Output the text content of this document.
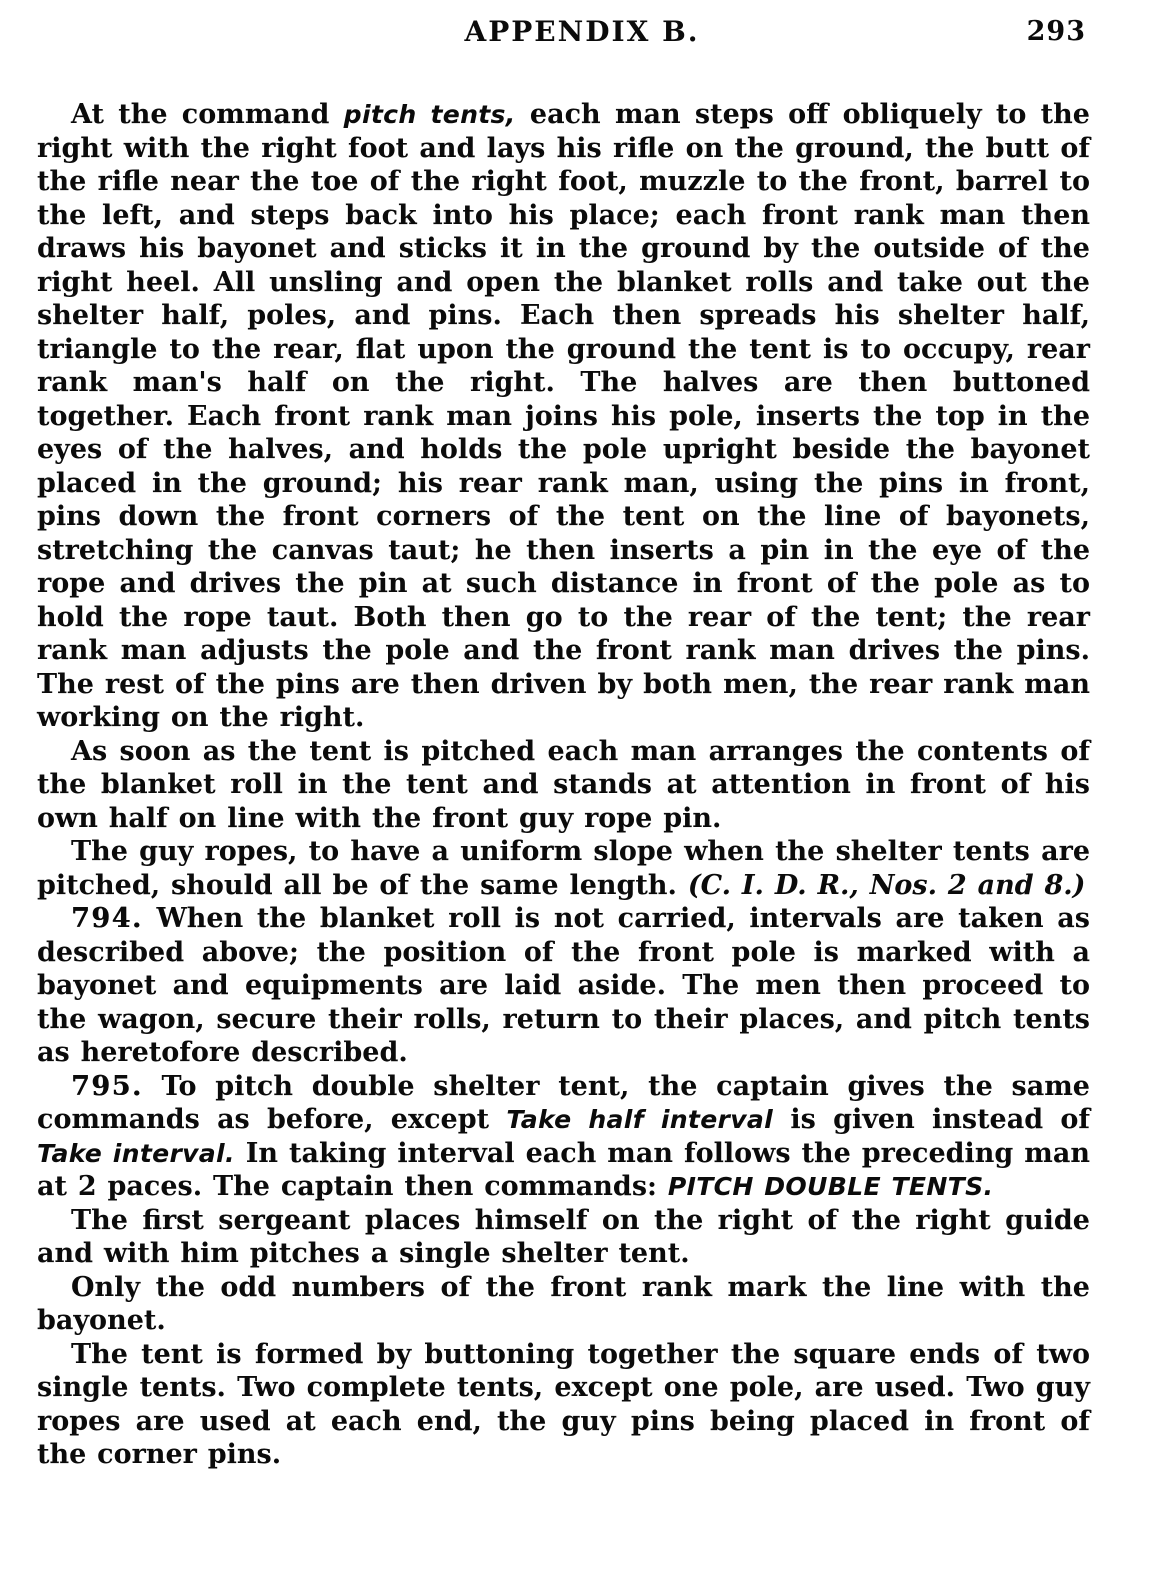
APPENDIX B.	293

At the command pitch tents, each man steps off obliquely to the right with the right foot and lays his rifle on the ground, the butt of the rifle near the toe of the right foot, muzzle to the front, barrel to the left, and steps back into his place; each front rank man then draws his bayonet and sticks it in the ground by the outside of the right heel. All unsling and open the blanket rolls and take out the shelter half, poles, and pins. Each then spreads his shelter half, triangle to the rear, flat upon the ground the tent is to occupy, rear rank man's half on the right. The halves are then buttoned together. Each front rank man joins his pole, inserts the top in the eyes of the halves, and holds the pole upright beside the bayonet placed in the ground; his rear rank man, using the pins in front, pins down the front corners of the tent on the line of bayonets, stretching the canvas taut; he then inserts a pin in the eye of the rope and drives the pin at such distance in front of the pole as to hold the rope taut. Both then go to the rear of the tent; the rear rank man adjusts the pole and the front rank man drives the pins. The rest of the pins are then driven by both men, the rear rank man working on the right.

As soon as the tent is pitched each man arranges the contents of the blanket roll in the tent and stands at attention in front of his own half on line with the front guy rope pin.

The guy ropes, to have a uniform slope when the shelter tents are pitched, should all be of the same length. (C. I. D. R., Nos. 2 and 8.)

794. When the blanket roll is not carried, intervals are taken as described above; the position of the front pole is marked with a bayonet and equipments are laid aside. The men then proceed to the wagon, secure their rolls, return to their places, and pitch tents as heretofore described.

795. To pitch double shelter tent, the captain gives the same commands as before, except Take half interval is given instead of Take interval. In taking interval each man follows the preceding man at 2 paces. The captain then commands: PITCH DOUBLE TENTS.

The first sergeant places himself on the right of the right guide and with him pitches a single shelter tent.

Only the odd numbers of the front rank mark the line with the bayonet.

The tent is formed by buttoning together the square ends of two single tents. Two complete tents, except one pole, are used. Two guy ropes are used at each end, the guy pins being placed in front of the corner pins.
